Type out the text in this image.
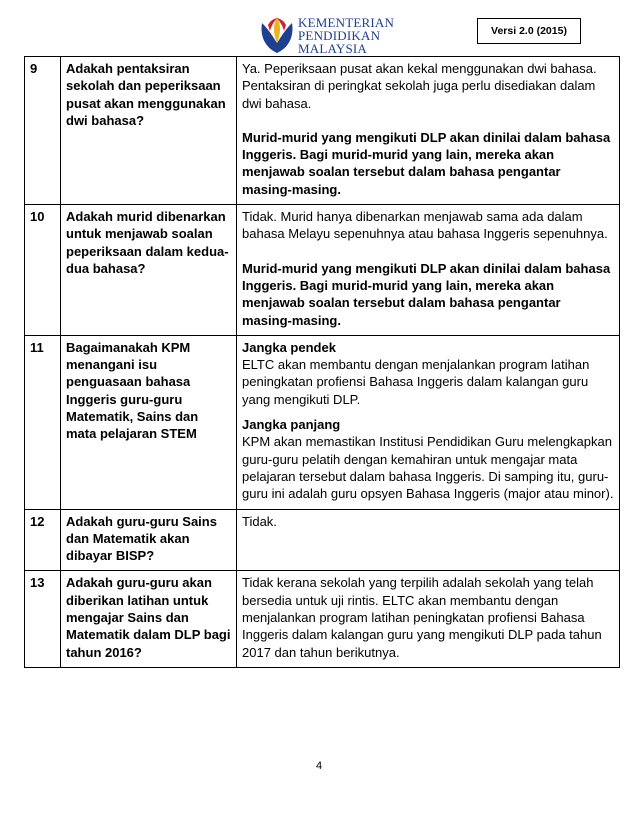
KEMENTERIAN
PENDIDIKAN
MALAYSIA
Versi 2.0 (2015)
9	Adakah pentaksiran sekolah dan peperiksaan pusat akan menggunakan dwi bahasa?	Ya. Peperiksaan pusat akan kekal menggunakan dwi bahasa. Pentaksiran di peringkat sekolah juga perlu disediakan dalam dwi bahasa.

Murid-murid yang mengikuti DLP akan dinilai dalam bahasa Inggeris. Bagi murid-murid yang lain, mereka akan menjawab soalan tersebut dalam bahasa pengantar masing-masing.

10	Adakah murid dibenarkan untuk menjawab soalan peperiksaan dalam kedua-dua bahasa?	Tidak. Murid hanya dibenarkan menjawab sama ada dalam bahasa Melayu sepenuhnya atau bahasa Inggeris sepenuhnya.

Murid-murid yang mengikuti DLP akan dinilai dalam bahasa Inggeris. Bagi murid-murid yang lain, mereka akan menjawab soalan tersebut dalam bahasa pengantar masing-masing.

11	Bagaimanakah KPM menangani isu penguasaan bahasa Inggeris guru-guru Matematik, Sains dan mata pelajaran STEM	Jangka pendek

ELTC akan membantu dengan menjalankan program latihan peningkatan profiensi Bahasa Inggeris dalam kalangan guru yang mengikuti DLP.

Jangka panjang

KPM akan memastikan Institusi Pendidikan Guru melengkapkan guru-guru pelatih dengan kemahiran untuk mengajar mata pelajaran tersebut dalam bahasa Inggeris. Di samping itu, guru-guru ini adalah guru opsyen Bahasa Inggeris (major atau minor).

12	Adakah guru-guru Sains dan Matematik akan dibayar BISP?	Tidak.

13	Adakah guru-guru akan diberikan latihan untuk mengajar Sains dan Matematik dalam DLP bagi tahun 2016?	Tidak kerana sekolah yang terpilih adalah sekolah yang telah bersedia untuk uji rintis. ELTC akan membantu dengan menjalankan program latihan peningkatan profiensi Bahasa Inggeris dalam kalangan guru yang mengikuti DLP pada tahun 2017 dan tahun berikutnya.

4
